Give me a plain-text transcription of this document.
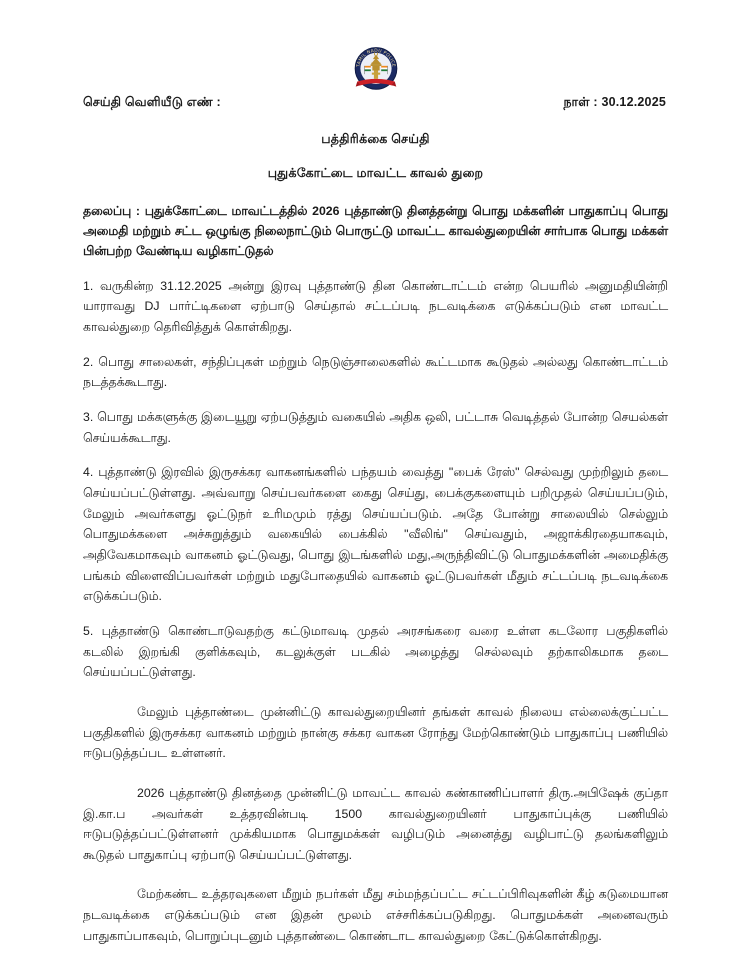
TAMIL NADU POLICE
செய்தி வெளியீடு எண் :	நாள் : 30.12.2025
பத்திரிக்கை செய்தி
புதுக்கோட்டை மாவட்ட காவல் துறை
தலைப்பு : புதுக்கோட்டை மாவட்டத்தில் 2026 புத்தாண்டு தினத்தன்று பொது மக்களின் பாதுகாப்பு பொது அமைதி மற்றும் சட்ட ஒழுங்கு நிலைநாட்டும் பொருட்டு மாவட்ட காவல்துறையின் சார்பாக பொது மக்கள் பின்பற்ற வேண்டிய வழிகாட்டுதல்
1. வருகின்ற 31.12.2025 அன்று இரவு புத்தாண்டு தின கொண்டாட்டம் என்ற பெயரில் அனுமதியின்றி யாராவது DJ பார்ட்டிகளை ஏற்பாடு செய்தால் சட்டப்படி நடவடிக்கை எடுக்கப்படும் என மாவட்ட காவல்துறை தெரிவித்துக் கொள்கிறது.
2. பொது சாலைகள், சந்திப்புகள் மற்றும் நெடுஞ்சாலைகளில் கூட்டமாக கூடுதல் அல்லது கொண்டாட்டம் நடத்தக்கூடாது.
3. பொது மக்களுக்கு இடையூறு ஏற்படுத்தும் வகையில் அதிக ஒலி, பட்டாசு வெடித்தல் போன்ற செயல்கள் செய்யக்கூடாது.
4. புத்தாண்டு இரவில் இருசக்கர வாகனங்களில் பந்தயம் வைத்து "பைக் ரேஸ்" செல்வது முற்றிலும் தடை செய்யப்பட்டுள்ளது. அவ்வாறு செய்பவர்களை கைது செய்து, பைக்குகளையும் பறிமுதல் செய்யப்படும், மேலும் அவர்களது ஓட்டுநர் உரிமமும் ரத்து செய்யப்படும். அதே போன்று சாலையில் செல்லும் பொதுமக்களை அச்சுறுத்தும் வகையில் பைக்கில் "வீலிங்" செய்வதும், அஜாக்கிரதையாகவும், அதிவேகமாகவும் வாகனம் ஓட்டுவது, பொது இடங்களில் மது,அருந்திவிட்டு பொதுமக்களின் அமைதிக்கு பங்கம் விளைவிப்பவர்கள் மற்றும் மதுபோதையில் வாகனம் ஓட்டுபவர்கள் மீதும் சட்டப்படி நடவடிக்கை எடுக்கப்படும்.
5. புத்தாண்டு கொண்டாடுவதற்கு கட்டுமாவடி முதல் அரசங்கரை வரை உள்ள கடலோர பகுதிகளில் கடலில் இறங்கி குளிக்கவும், கடலுக்குள் படகில் அழைத்து செல்லவும் தற்காலிகமாக தடை செய்யப்பட்டுள்ளது.
மேலும் புத்தாண்டை முன்னிட்டு காவல்துறையினர் தங்கள் காவல் நிலைய எல்லைக்குட்பட்ட பகுதிகளில் இருசக்கர வாகனம் மற்றும் நான்கு சக்கர வாகன ரோந்து மேற்கொண்டும் பாதுகாப்பு பணியில் ஈடுபடுத்தப்பட உள்ளனர்.
2026 புத்தாண்டு தினத்தை முன்னிட்டு மாவட்ட காவல் கண்காணிப்பாளர் திரு.அபிஷேக் குப்தா இ.கா.ப அவர்கள் உத்தரவின்படி 1500 காவல்துறையினர் பாதுகாப்புக்கு பணியில் ஈடுபடுத்தப்பட்டுள்ளனர் முக்கியமாக பொதுமக்கள் வழிபடும் அனைத்து வழிபாட்டு தலங்களிலும் கூடுதல் பாதுகாப்பு ஏற்பாடு செய்யப்பட்டுள்ளது.
மேற்கண்ட உத்தரவுகளை மீறும் நபர்கள் மீது சம்மந்தப்பட்ட சட்டப்பிரிவுகளின் கீழ் கடுமையான நடவடிக்கை எடுக்கப்படும் என இதன் மூலம் எச்சரிக்கப்படுகிறது. பொதுமக்கள் அனைவரும் பாதுகாப்பாகவும், பொறுப்புடனும் புத்தாண்டை கொண்டாட காவல்துறை கேட்டுக்கொள்கிறது.
